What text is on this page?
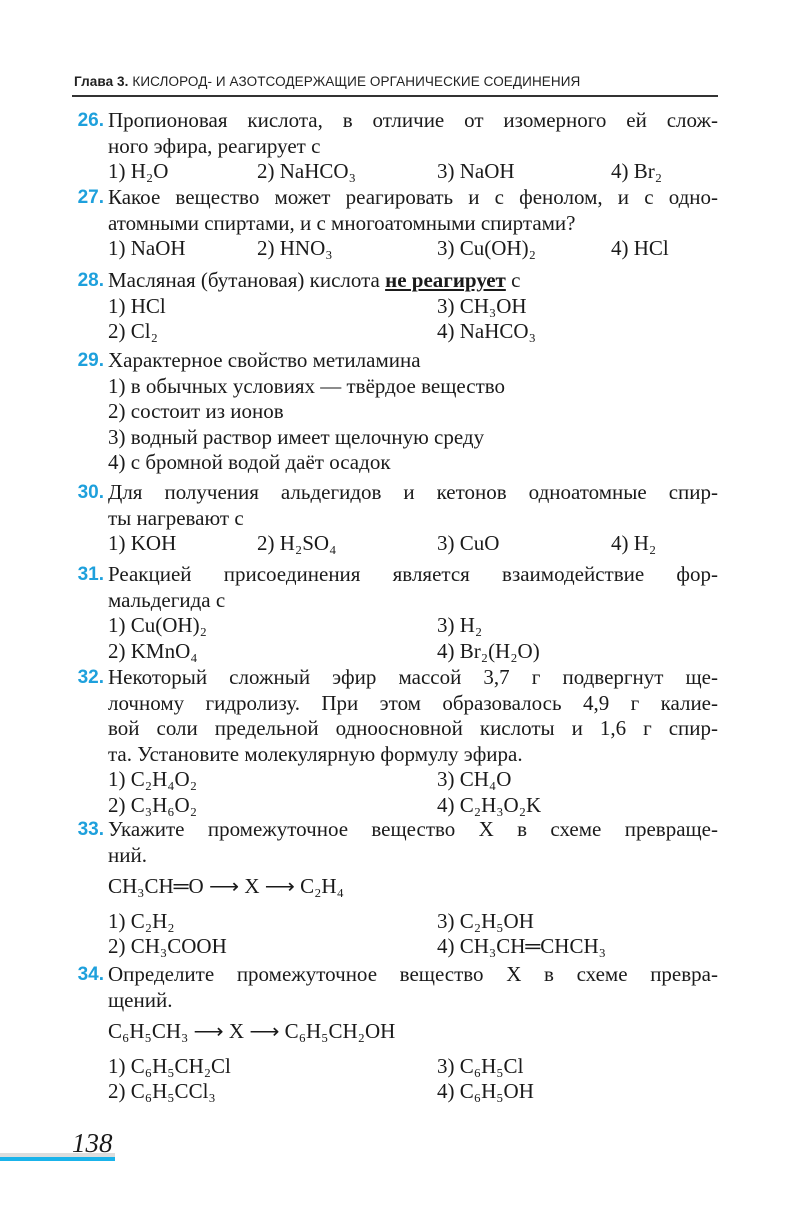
Глава 3. КИСЛОРОД- И АЗОТСОДЕРЖАЩИЕ ОРГАНИЧЕСКИЕ СОЕДИНЕНИЯ
26. Пропионовая кислота, в отличие от изомерного ей слож-
ного эфира, реагирует с
1) H₂O	2) NaHCO₃	3) NaOH	4) Br₂
27. Какое вещество может реагировать и с фенолом, и с одно-
атомными спиртами, и с многоатомными спиртами?
1) NaOH	2) HNO₃	3) Cu(OH)₂	4) HCl
28. Масляная (бутановая) кислота не реагирует с
1) HCl	3) CH₃OH
2) Cl₂	4) NaHCO₃
29. Характерное свойство метиламина
1) в обычных условиях — твёрдое вещество
2) состоит из ионов
3) водный раствор имеет щелочную среду
4) с бромной водой даёт осадок
30. Для получения альдегидов и кетонов одноатомные спир-
ты нагревают с
1) KOH	2) H₂SO₄	3) CuO	4) H₂
31. Реакцией присоединения является взаимодействие фор-
мальдегида с
1) Cu(OH)₂	3) H₂
2) KMnO₄	4) Br₂(H₂O)
32. Некоторый сложный эфир массой 3,7 г подвергнут ще-
лочному гидролизу. При этом образовалось 4,9 г калие-
вой соли предельной одноосновной кислоты и 1,6 г спир-
та. Установите молекулярную формулу эфира.
1) C₂H₄O₂	3) CH₄O
2) C₃H₆O₂	4) C₂H₃O₂K
33. Укажите промежуточное вещество X в схеме превраще-
ний.
CH₃CH═O ⟶ X ⟶ C₂H₄
1) C₂H₂	3) C₂H₅OH
2) CH₃COOH	4) CH₃CH═CHCH₃
34. Определите промежуточное вещество X в схеме превра-
щений.
C₆H₅CH₃ ⟶ X ⟶ C₆H₅CH₂OH
1) C₆H₅CH₂Cl	3) C₆H₅Cl
2) C₆H₅CCl₃	4) C₆H₅OH
138
